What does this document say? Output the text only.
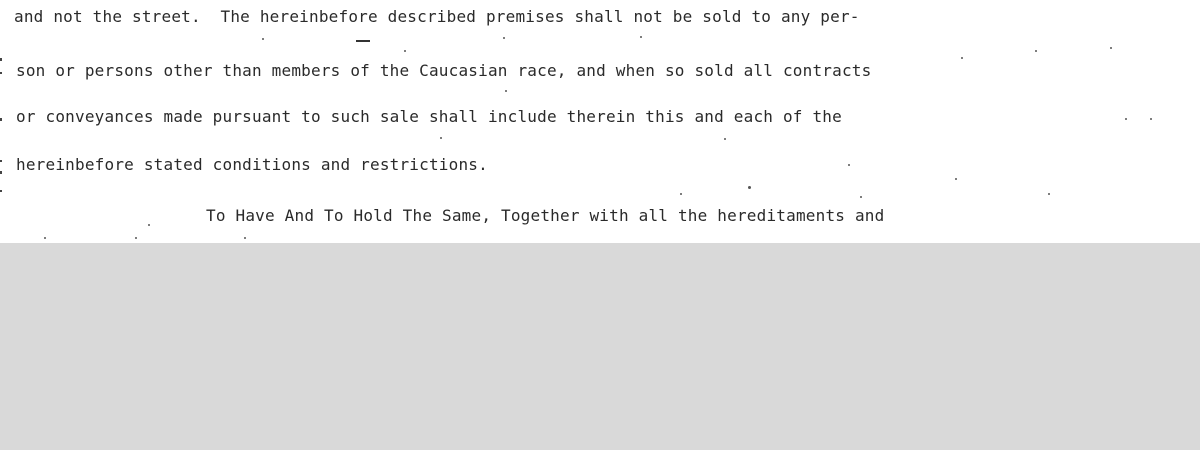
and not the street.  The hereinbefore described premises shall not be sold to any per-
son or persons other than members of the Caucasian race, and when so sold all contracts
or conveyances made pursuant to such sale shall include therein this and each of the
hereinbefore stated conditions and restrictions.
To Have And To Hold The Same, Together with all the hereditaments and
